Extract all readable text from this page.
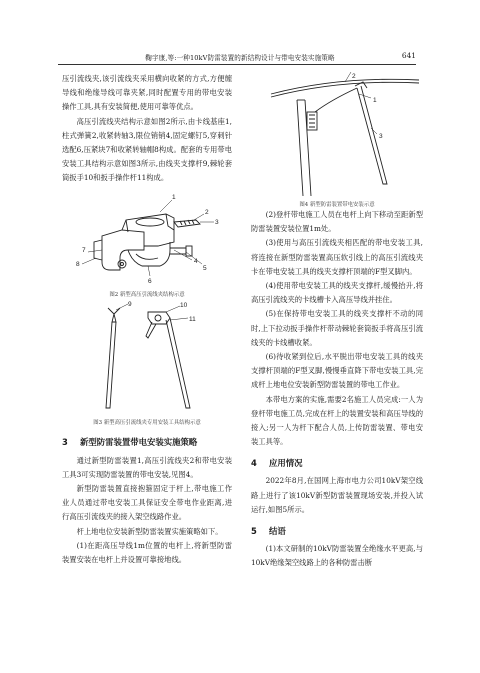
鞠宇康,等:一种10kV防雷装置的新结构设计与带电安装实施策略	641

压引流线夹,该引流线夹采用横向收紧的方式,方便缠导线和绝缘导线可靠夹紧,同时配置专用的带电安装操作工具,具有安装简便,使用可靠等优点。

高压引流线夹结构示意如图2所示,由卡线基座1,柱式弹簧2,收紧转轴3,限位销销4,固定螺钉5,穿刺针选配6,压紧块7和收紧转轴帽8构成。配套的专用带电安装工具结构示意如图3所示,由线夹支撑杆9,棘轮套筒扳手10和扳手操作杆11构成。

1
2
3
4
5
6
7
8
图2 新型高压引流线夹结构示意
9	10
11
图3 新型高压引流线夹专用安装工具结构示意
3 新型防雷装置带电安装实施策略

通过新型防雷装置1,高压引流线夹2和带电安装工具3可实现防雷装置的带电安装,见图4。

新型防雷装置直接抱箍固定于杆上,带电施工作业人员通过带电安装工具保证安全带电作业距离,进行高压引流线夹的接入架空线路作业。

杆上地电位安装新型防雷装置实施策略如下。

(1)在距高压导线1m位置的电杆上,将新型防雷装置安装在电杆上并设置可靠接地线。

2
1
3
图4 新型防雷装置带电安装示意

(2)登杆带电施工人员在电杆上向下移动至距新型防雷装置安装位置1m处。

(3)使用与高压引流线夹相匹配的带电安装工具,将连接在新型防雷装置高压软引线上的高压引流线夹卡在带电安装工具的线夹支撑杆顶端的F型叉脚内。

(4)使用带电安装工具的线夹支撑杆,缓慢抬升,将高压引流线夹的卡线槽卡入高压导线并挂住。

(5)在保持带电安装工具的线夹支撑杆不动的同时,上下拉动扳手操作杆带动棘轮套筒扳手将高压引流线夹的卡线槽收紧。

(6)待收紧到位后,水平脱出带电安装工具的线夹支撑杆顶端的F型叉脚,慢慢垂直降下带电安装工具,完成杆上地电位安装新型防雷装置的带电工作业。

本带电方案的实施,需要2名施工人员完成:一人为登杆带电施工员,完成在杆上的装置安装和高压导线的接入;另一人为杆下配合人员,上传防雷装置、带电安装工具等。

4 应用情况

2022年8月,在国网上海市电力公司10kV架空线路上进行了该10kV新型防雷装置现场安装,并投入试运行,如图5所示。

5 结语

(1)本文研制的10kV防雷装置全绝缘水平更高,与10kV绝缘架空线路上的各种防雷击断
